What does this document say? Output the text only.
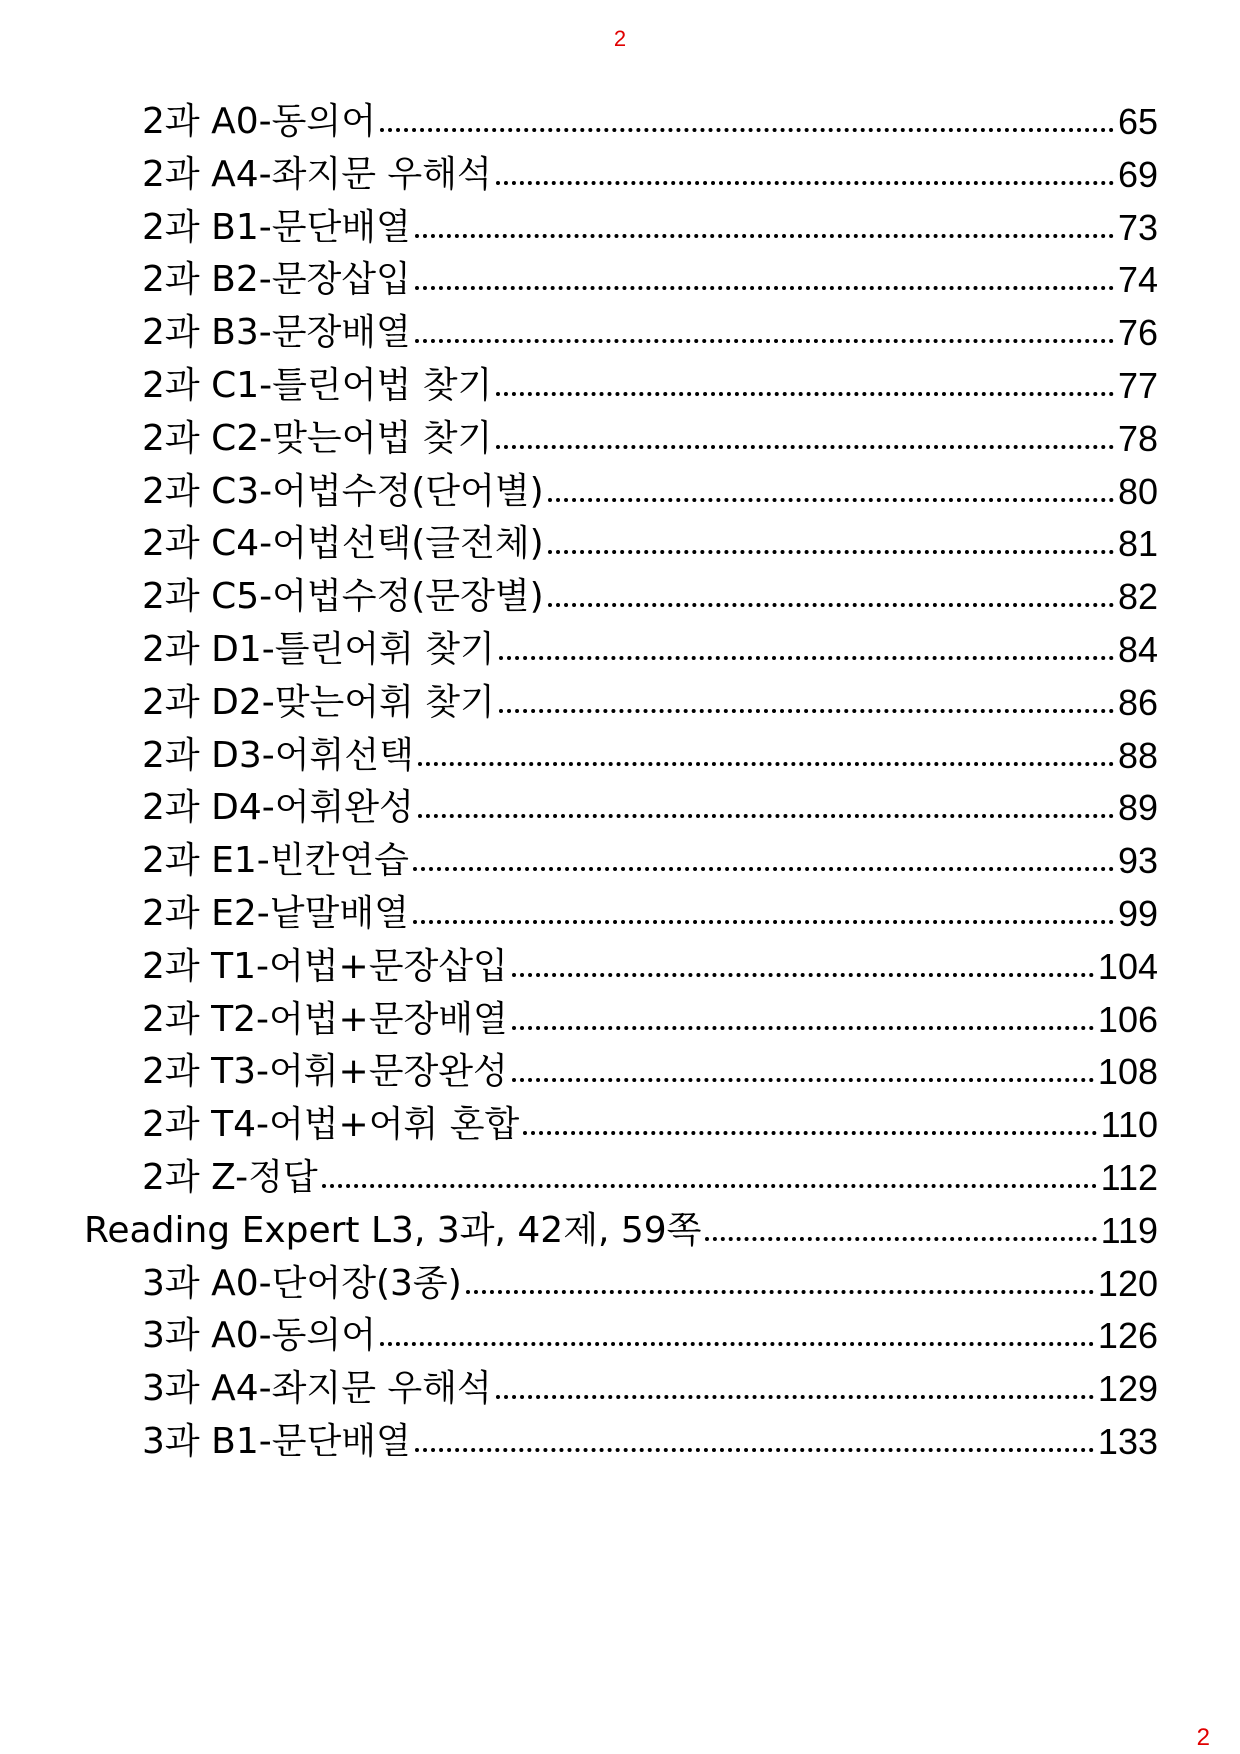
2
2과 A0-동의어	65
2과 A4-좌지문 우해석	69
2과 B1-문단배열	73
2과 B2-문장삽입	74
2과 B3-문장배열	76
2과 C1-틀린어법 찾기	77
2과 C2-맞는어법 찾기	78
2과 C3-어법수정(단어별)	80
2과 C4-어법선택(글전체)	81
2과 C5-어법수정(문장별)	82
2과 D1-틀린어휘 찾기	84
2과 D2-맞는어휘 찾기	86
2과 D3-어휘선택	88
2과 D4-어휘완성	89
2과 E1-빈칸연습	93
2과 E2-낱말배열	99
2과 T1-어법+문장삽입	104
2과 T2-어법+문장배열	106
2과 T3-어휘+문장완성	108
2과 T4-어법+어휘 혼합	110
2과 Z-정답	112
Reading Expert L3, 3과, 42제, 59쪽	119
3과 A0-단어장(3종)	120
3과 A0-동의어	126
3과 A4-좌지문 우해석	129
3과 B1-문단배열	133
2
